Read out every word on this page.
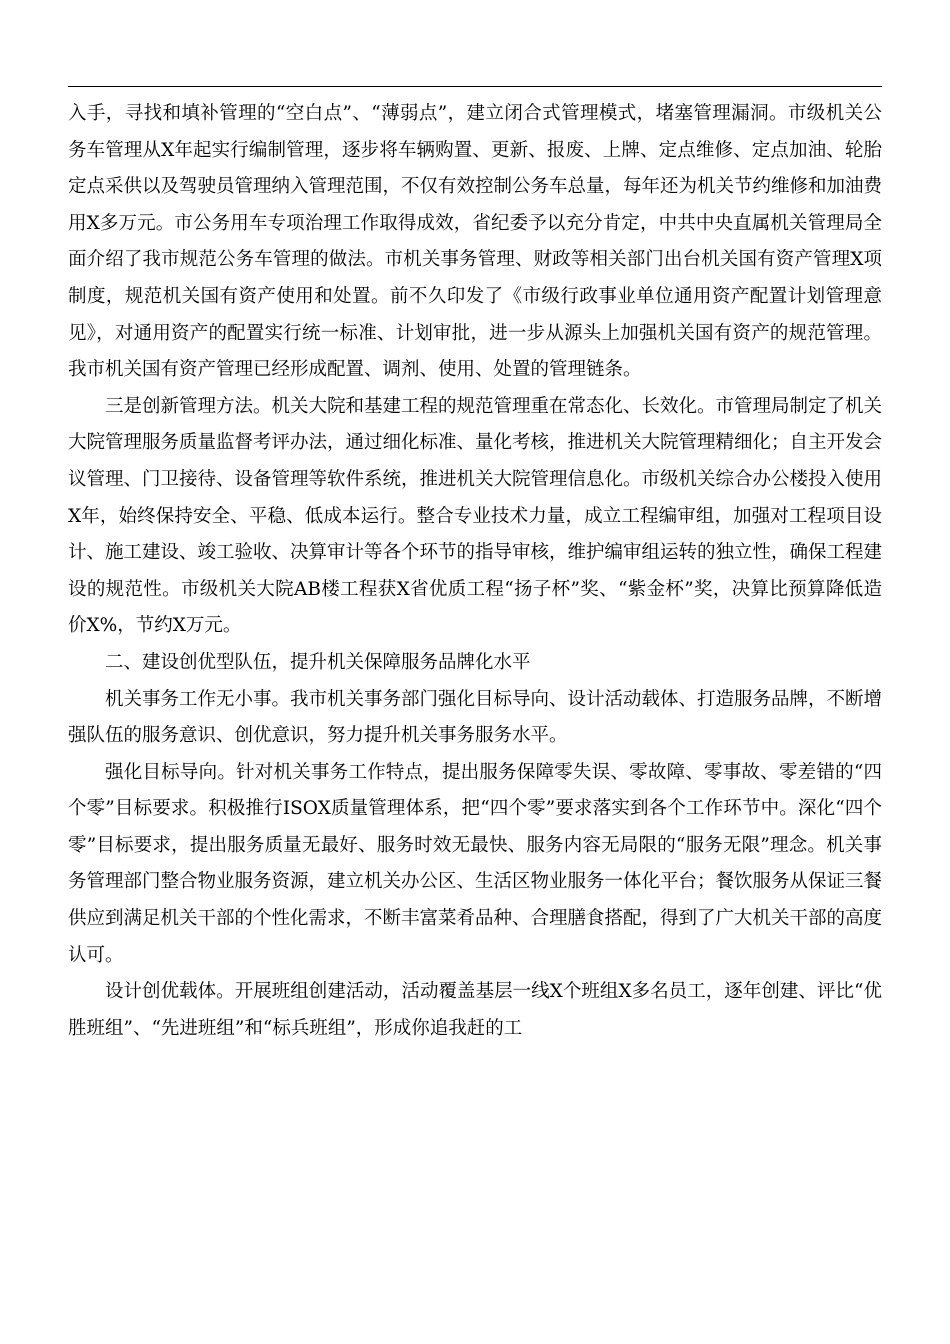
入手，寻找和填补管理的“空白点”、“薄弱点”，建立闭合式管理模式，堵塞管理漏洞。市级机关公务车管理从X年起实行编制管理，逐步将车辆购置、更新、报废、上牌、定点维修、定点加油、轮胎定点采供以及驾驶员管理纳入管理范围，不仅有效控制公务车总量，每年还为机关节约维修和加油费用X多万元。市公务用车专项治理工作取得成效，省纪委予以充分肯定，中共中央直属机关管理局全面介绍了我市规范公务车管理的做法。市机关事务管理、财政等相关部门出台机关国有资产管理X项制度，规范机关国有资产使用和处置。前不久印发了《市级行政事业单位通用资产配置计划管理意见》，对通用资产的配置实行统一标准、计划审批，进一步从源头上加强机关国有资产的规范管理。我市机关国有资产管理已经形成配置、调剂、使用、处置的管理链条。

三是创新管理方法。机关大院和基建工程的规范管理重在常态化、长效化。市管理局制定了机关大院管理服务质量监督考评办法，通过细化标准、量化考核，推进机关大院管理精细化；自主开发会议管理、门卫接待、设备管理等软件系统，推进机关大院管理信息化。市级机关综合办公楼投入使用X年，始终保持安全、平稳、低成本运行。整合专业技术力量，成立工程编审组，加强对工程项目设计、施工建设、竣工验收、决算审计等各个环节的指导审核，维护编审组运转的独立性，确保工程建设的规范性。市级机关大院AB楼工程获X省优质工程“扬子杯”奖、“紫金杯”奖，决算比预算降低造价X%，节约X万元。

二、建设创优型队伍，提升机关保障服务品牌化水平

机关事务工作无小事。我市机关事务部门强化目标导向、设计活动载体、打造服务品牌，不断增强队伍的服务意识、创优意识，努力提升机关事务服务水平。

强化目标导向。针对机关事务工作特点，提出服务保障零失误、零故障、零事故、零差错的“四个零”目标要求。积极推行ISOX质量管理体系，把“四个零”要求落实到各个工作环节中。深化“四个零”目标要求，提出服务质量无最好、服务时效无最快、服务内容无局限的“服务无限”理念。机关事务管理部门整合物业服务资源，建立机关办公区、生活区物业服务一体化平台；餐饮服务从保证三餐供应到满足机关干部的个性化需求，不断丰富菜肴品种、合理膳食搭配，得到了广大机关干部的高度认可。

设计创优载体。开展班组创建活动，活动覆盖基层一线X个班组X多名员工，逐年创建、评比“优胜班组”、“先进班组”和“标兵班组”，形成你追我赶的工
